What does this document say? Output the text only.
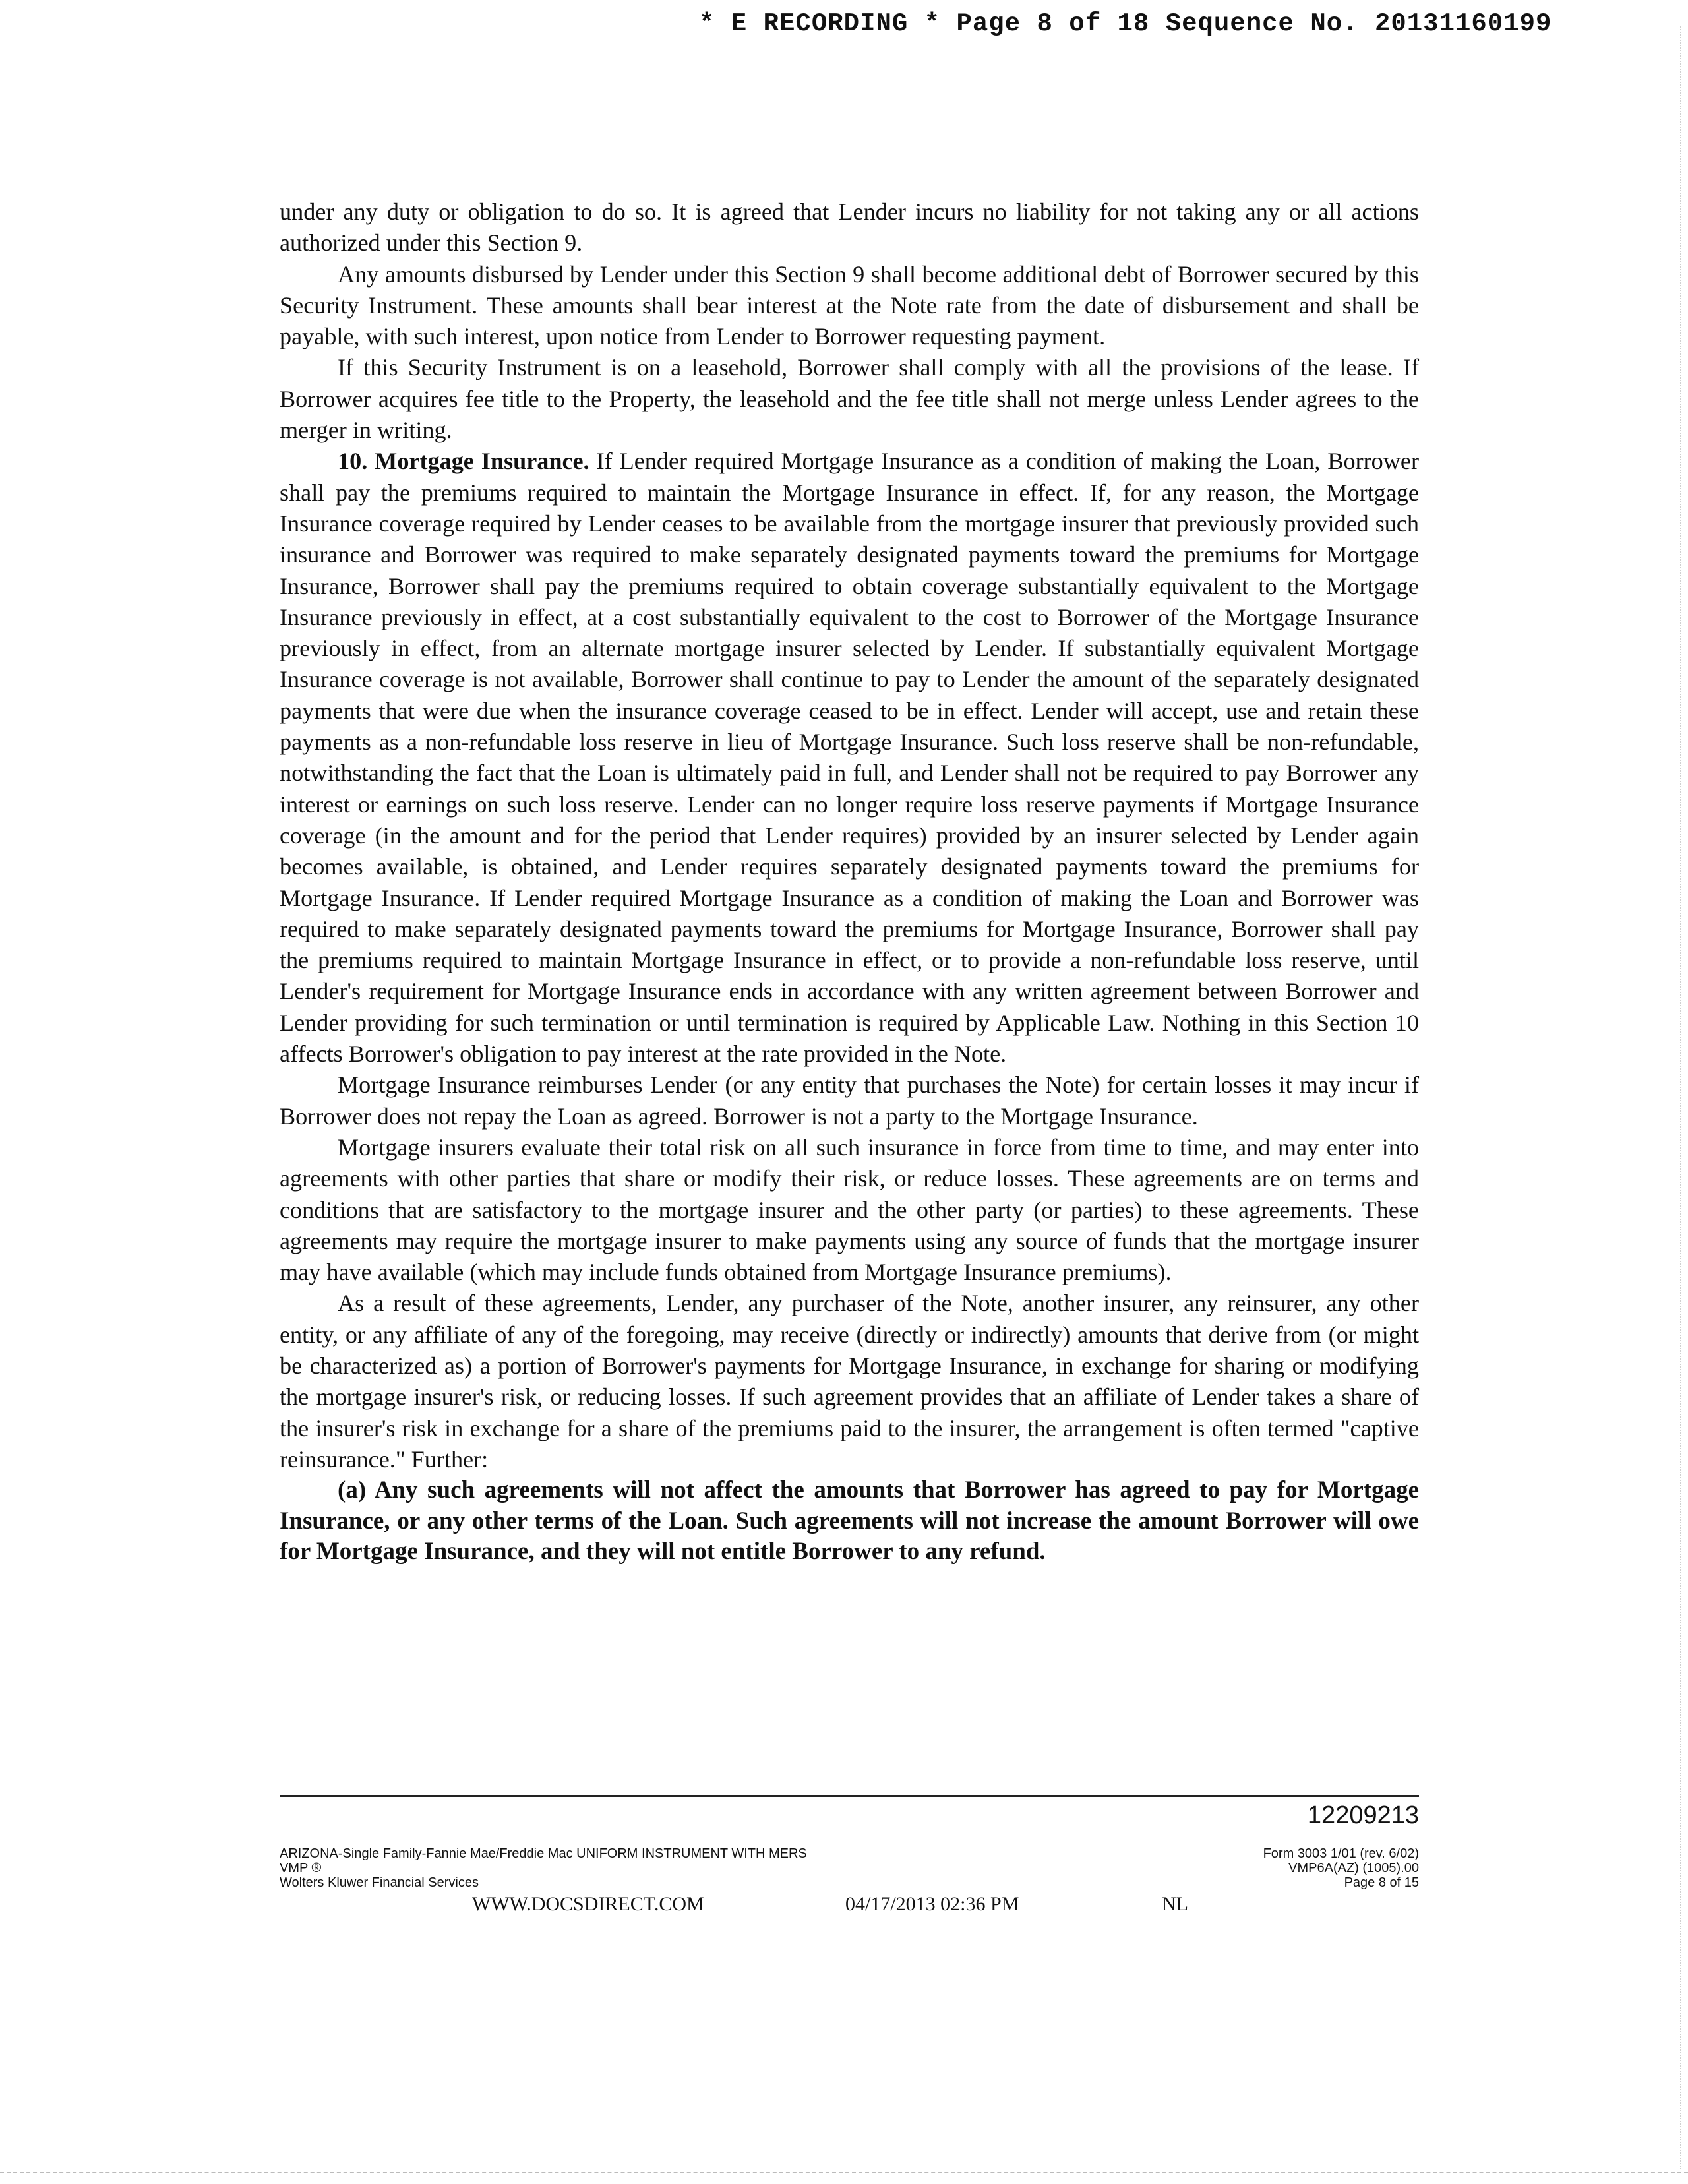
* E RECORDING * Page 8 of 18 Sequence No. 20131160199

under any duty or obligation to do so. It is agreed that Lender incurs no liability for not taking any or all actions authorized under this Section 9.

Any amounts disbursed by Lender under this Section 9 shall become additional debt of Borrower secured by this Security Instrument. These amounts shall bear interest at the Note rate from the date of disbursement and shall be payable, with such interest, upon notice from Lender to Borrower requesting payment.

If this Security Instrument is on a leasehold, Borrower shall comply with all the provisions of the lease. If Borrower acquires fee title to the Property, the leasehold and the fee title shall not merge unless Lender agrees to the merger in writing.

10. Mortgage Insurance. If Lender required Mortgage Insurance as a condition of making the Loan, Borrower shall pay the premiums required to maintain the Mortgage Insurance in effect. If, for any reason, the Mortgage Insurance coverage required by Lender ceases to be available from the mortgage insurer that previously provided such insurance and Borrower was required to make separately designated payments toward the premiums for Mortgage Insurance, Borrower shall pay the premiums required to obtain coverage substantially equivalent to the Mortgage Insurance previously in effect, at a cost substantially equivalent to the cost to Borrower of the Mortgage Insurance previously in effect, from an alternate mortgage insurer selected by Lender. If substantially equivalent Mortgage Insurance coverage is not available, Borrower shall continue to pay to Lender the amount of the separately designated payments that were due when the insurance coverage ceased to be in effect. Lender will accept, use and retain these payments as a non-refundable loss reserve in lieu of Mortgage Insurance. Such loss reserve shall be non-refundable, notwithstanding the fact that the Loan is ultimately paid in full, and Lender shall not be required to pay Borrower any interest or earnings on such loss reserve. Lender can no longer require loss reserve payments if Mortgage Insurance coverage (in the amount and for the period that Lender requires) provided by an insurer selected by Lender again becomes available, is obtained, and Lender requires separately designated payments toward the premiums for Mortgage Insurance. If Lender required Mortgage Insurance as a condition of making the Loan and Borrower was required to make separately designated payments toward the premiums for Mortgage Insurance, Borrower shall pay the premiums required to maintain Mortgage Insurance in effect, or to provide a non-refundable loss reserve, until Lender's requirement for Mortgage Insurance ends in accordance with any written agreement between Borrower and Lender providing for such termination or until termination is required by Applicable Law. Nothing in this Section 10 affects Borrower's obligation to pay interest at the rate provided in the Note.

Mortgage Insurance reimburses Lender (or any entity that purchases the Note) for certain losses it may incur if Borrower does not repay the Loan as agreed. Borrower is not a party to the Mortgage Insurance.

Mortgage insurers evaluate their total risk on all such insurance in force from time to time, and may enter into agreements with other parties that share or modify their risk, or reduce losses. These agreements are on terms and conditions that are satisfactory to the mortgage insurer and the other party (or parties) to these agreements. These agreements may require the mortgage insurer to make payments using any source of funds that the mortgage insurer may have available (which may include funds obtained from Mortgage Insurance premiums).

As a result of these agreements, Lender, any purchaser of the Note, another insurer, any reinsurer, any other entity, or any affiliate of any of the foregoing, may receive (directly or indirectly) amounts that derive from (or might be characterized as) a portion of Borrower's payments for Mortgage Insurance, in exchange for sharing or modifying the mortgage insurer's risk, or reducing losses. If such agreement provides that an affiliate of Lender takes a share of the insurer's risk in exchange for a share of the premiums paid to the insurer, the arrangement is often termed "captive reinsurance." Further:

(a) Any such agreements will not affect the amounts that Borrower has agreed to pay for Mortgage Insurance, or any other terms of the Loan. Such agreements will not increase the amount Borrower will owe for Mortgage Insurance, and they will not entitle Borrower to any refund.

12209213
ARIZONA-Single Family-Fannie Mae/Freddie Mac UNIFORM INSTRUMENT WITH MERS
VMP ®
Wolters Kluwer Financial Services
Form 3003 1/01 (rev. 6/02)
VMP6A(AZ) (1005).00
Page 8 of 15
WWW.DOCSDIRECT.COM	04/17/2013 02:36 PM	NL
